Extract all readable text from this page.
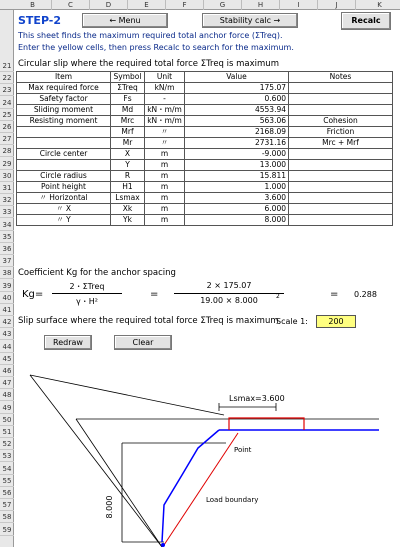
B	C	D	E	F	G	H	I	J	K
21
22
23
24
25
26
27
28
29
30
31
32
33
34
35
36
37
38
39
40
41
42
43
44
45
46
47
48
49
50
51
52
53
54
55
56
57
58
59
STEP-2	← Menu	Stability calc →	Recalc
This sheet finds the maximum required total anchor force (ΣTreq).
Enter the yellow cells, then press Recalc to search for the maximum.
Circular slip where the required total force ΣTreq is maximum
Item	Symbol	Unit	Value	Notes
Max required force	ΣTreq	kN/m	175.07	
Safety factor	Fs	-	0.600	
Sliding moment	Md	kN・m/m	4553.94	
Resisting moment	Mrc	kN・m/m	563.06	Cohesion
	Mrf	〃	2168.09	Friction
	Mr	〃	2731.16	Mrc + Mrf
Circle center	X	m	-9.000	
	Y	m	13.000	
Circle radius	R	m	15.811	
Point height	H1	m	1.000	
〃 Horizontal	Lsmax	m	3.600	
〃 X	Xk	m	6.000	
〃 Y	Yk	m	8.000	
Coefficient Kg for the anchor spacing
Kg=
2・ΣTreq
γ・H²
=
2 × 175.07
19.00 × 8.000	2	= 0.288
Slip surface where the required total force ΣTreq is maximum
Scale 1:	200
Redraw	Clear
Lsmax=3.600
8.000
Point
Load boundary
